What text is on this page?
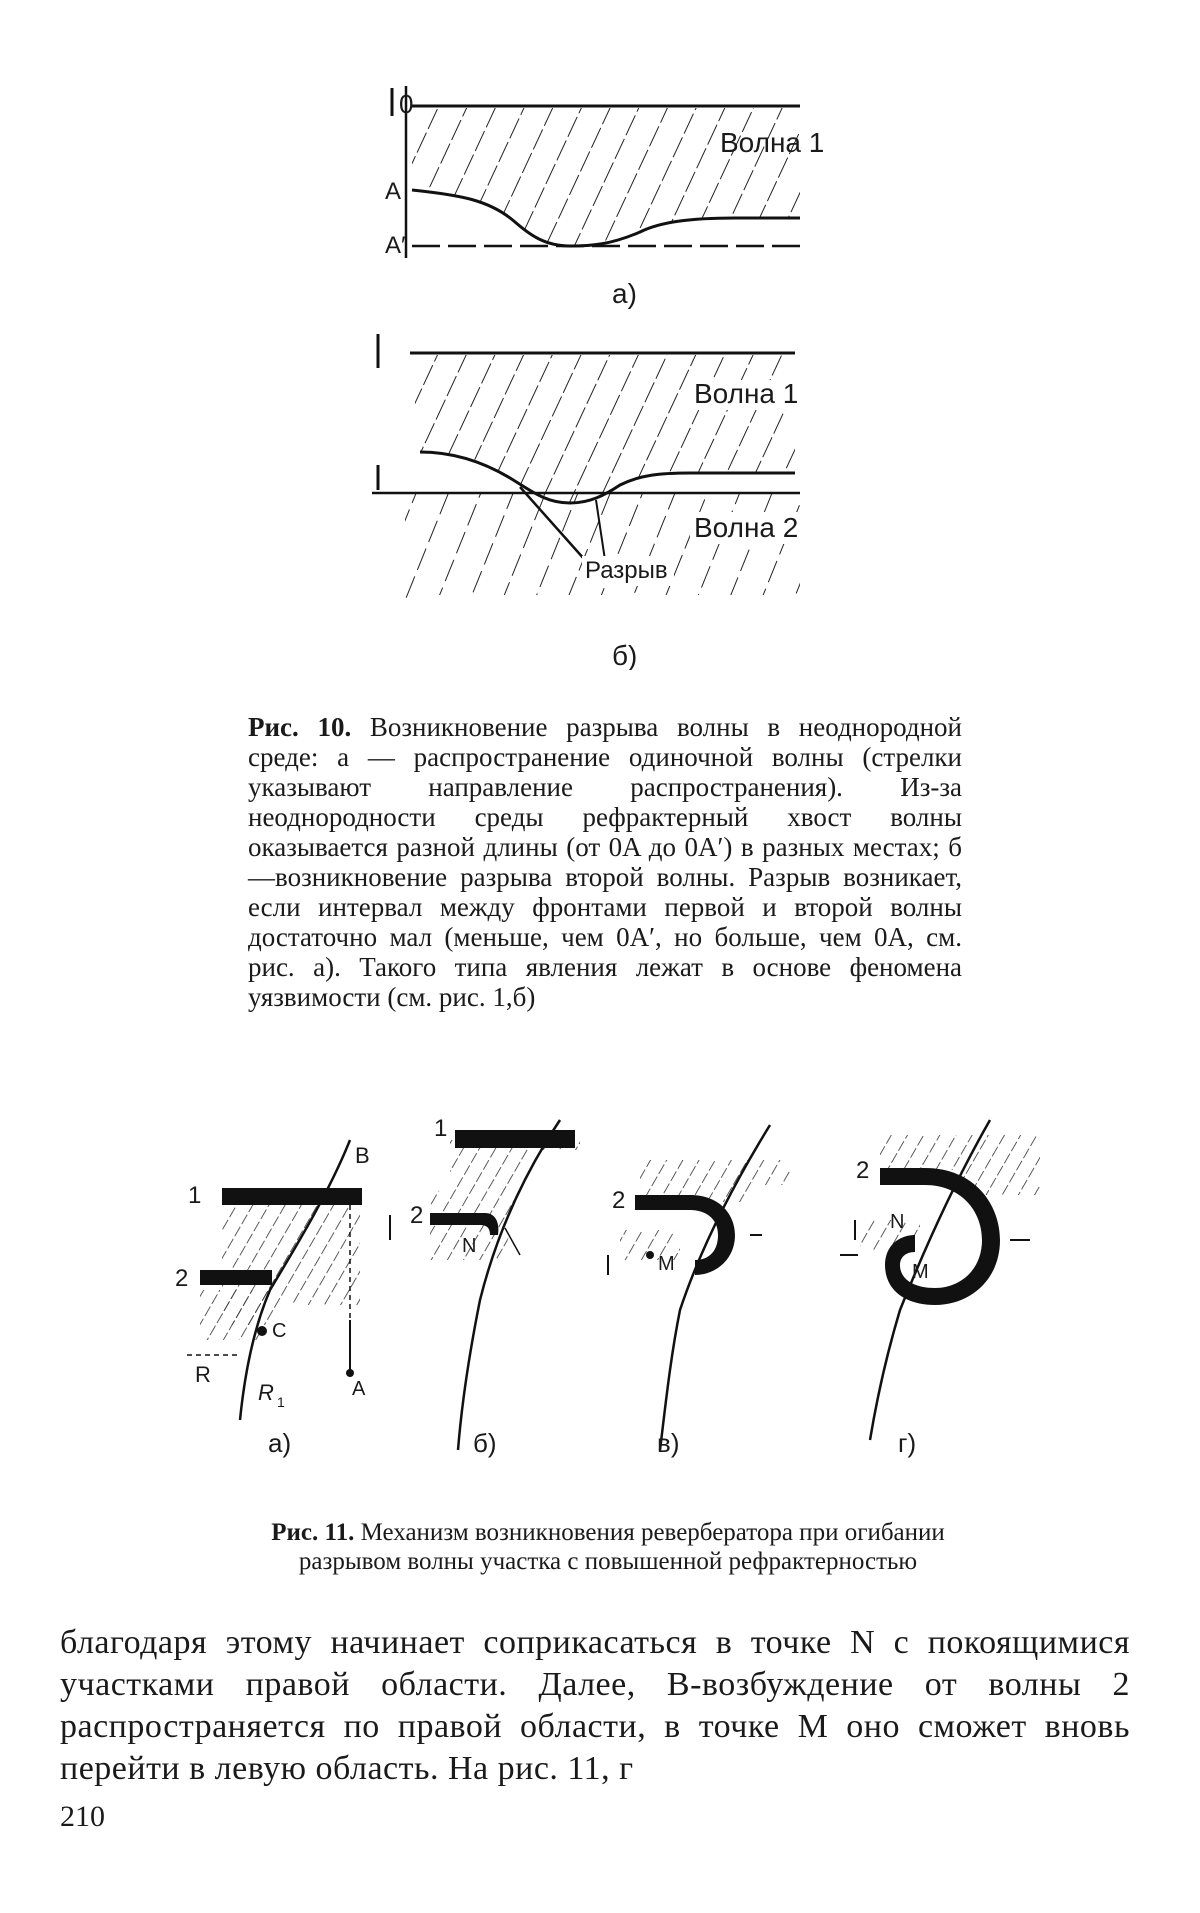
0
A
A′
Волна 1
а)
Волна 1
Волна 2
Разрыв
б)
Рис. 10. Возникновение разрыва волны в неоднородной среде: а — распространение одиночной волны (стрелки указывают направление распространения). Из-за неоднородности среды рефрактерный хвост волны оказывается разной длины (от 0A до 0A′) в разных местах; б—возникновение разрыва второй волны. Разрыв возникает, если интервал между фронтами первой и второй волны достаточно мал (меньше, чем 0A′, но больше, чем 0A, см. рис. а). Такого типа явления лежат в основе феномена уязвимости (см. рис. 1,б)
1
2
B
C
A
R
R 1
а)
1
2
N
б)
2
N
M
в)
2
N
M
г)
Рис. 11. Механизм возникновения ревербератора при огибании разрывом волны участка с повышенной рефрактерностью
благодаря этому начинает соприкасаться в точке N с покоящимися участками правой области. Далее, В-возбуждение от волны 2 распространяется по правой области, в точке M оно сможет вновь перейти в левую область. На рис. 11, г
210
